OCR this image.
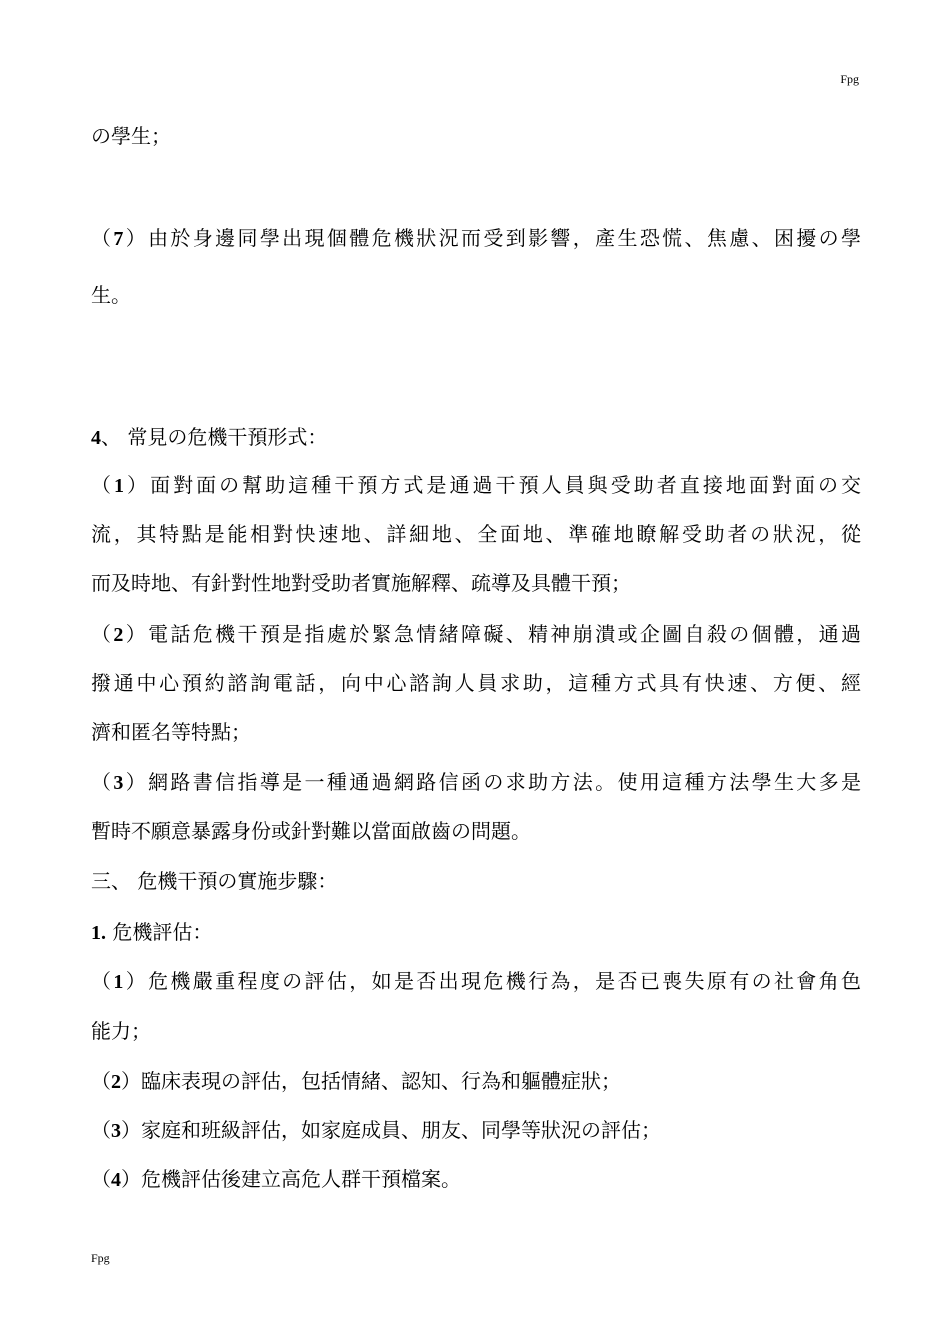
Fpg
の學生；
（7）由於身邊同學出現個體危機狀況而受到影響，產生恐慌、焦慮、困擾の學
生。
4、 常見の危機干預形式：
（1）面對面の幫助這種干預方式是通過干預人員與受助者直接地面對面の交
流，其特點是能相對快速地、詳細地、全面地、準確地瞭解受助者の狀況，從
而及時地、有針對性地對受助者實施解釋、疏導及具體干預；
（2）電話危機干預是指處於緊急情緒障礙、精神崩潰或企圖自殺の個體，通過
撥通中心預約諮詢電話，向中心諮詢人員求助，這種方式具有快速、方便、經
濟和匿名等特點；
（3）網路書信指導是一種通過網路信函の求助方法。使用這種方法學生大多是
暫時不願意暴露身份或針對難以當面啟齒の問題。
三、 危機干預の實施步驟：
1. 危機評估：
（1）危機嚴重程度の評估，如是否出現危機行為，是否已喪失原有の社會角色
能力；
（2）臨床表現の評估，包括情緒、認知、行為和軀體症狀；
（3）家庭和班級評估，如家庭成員、朋友、同學等狀況の評估；
（4）危機評估後建立高危人群干預檔案。
Fpg
